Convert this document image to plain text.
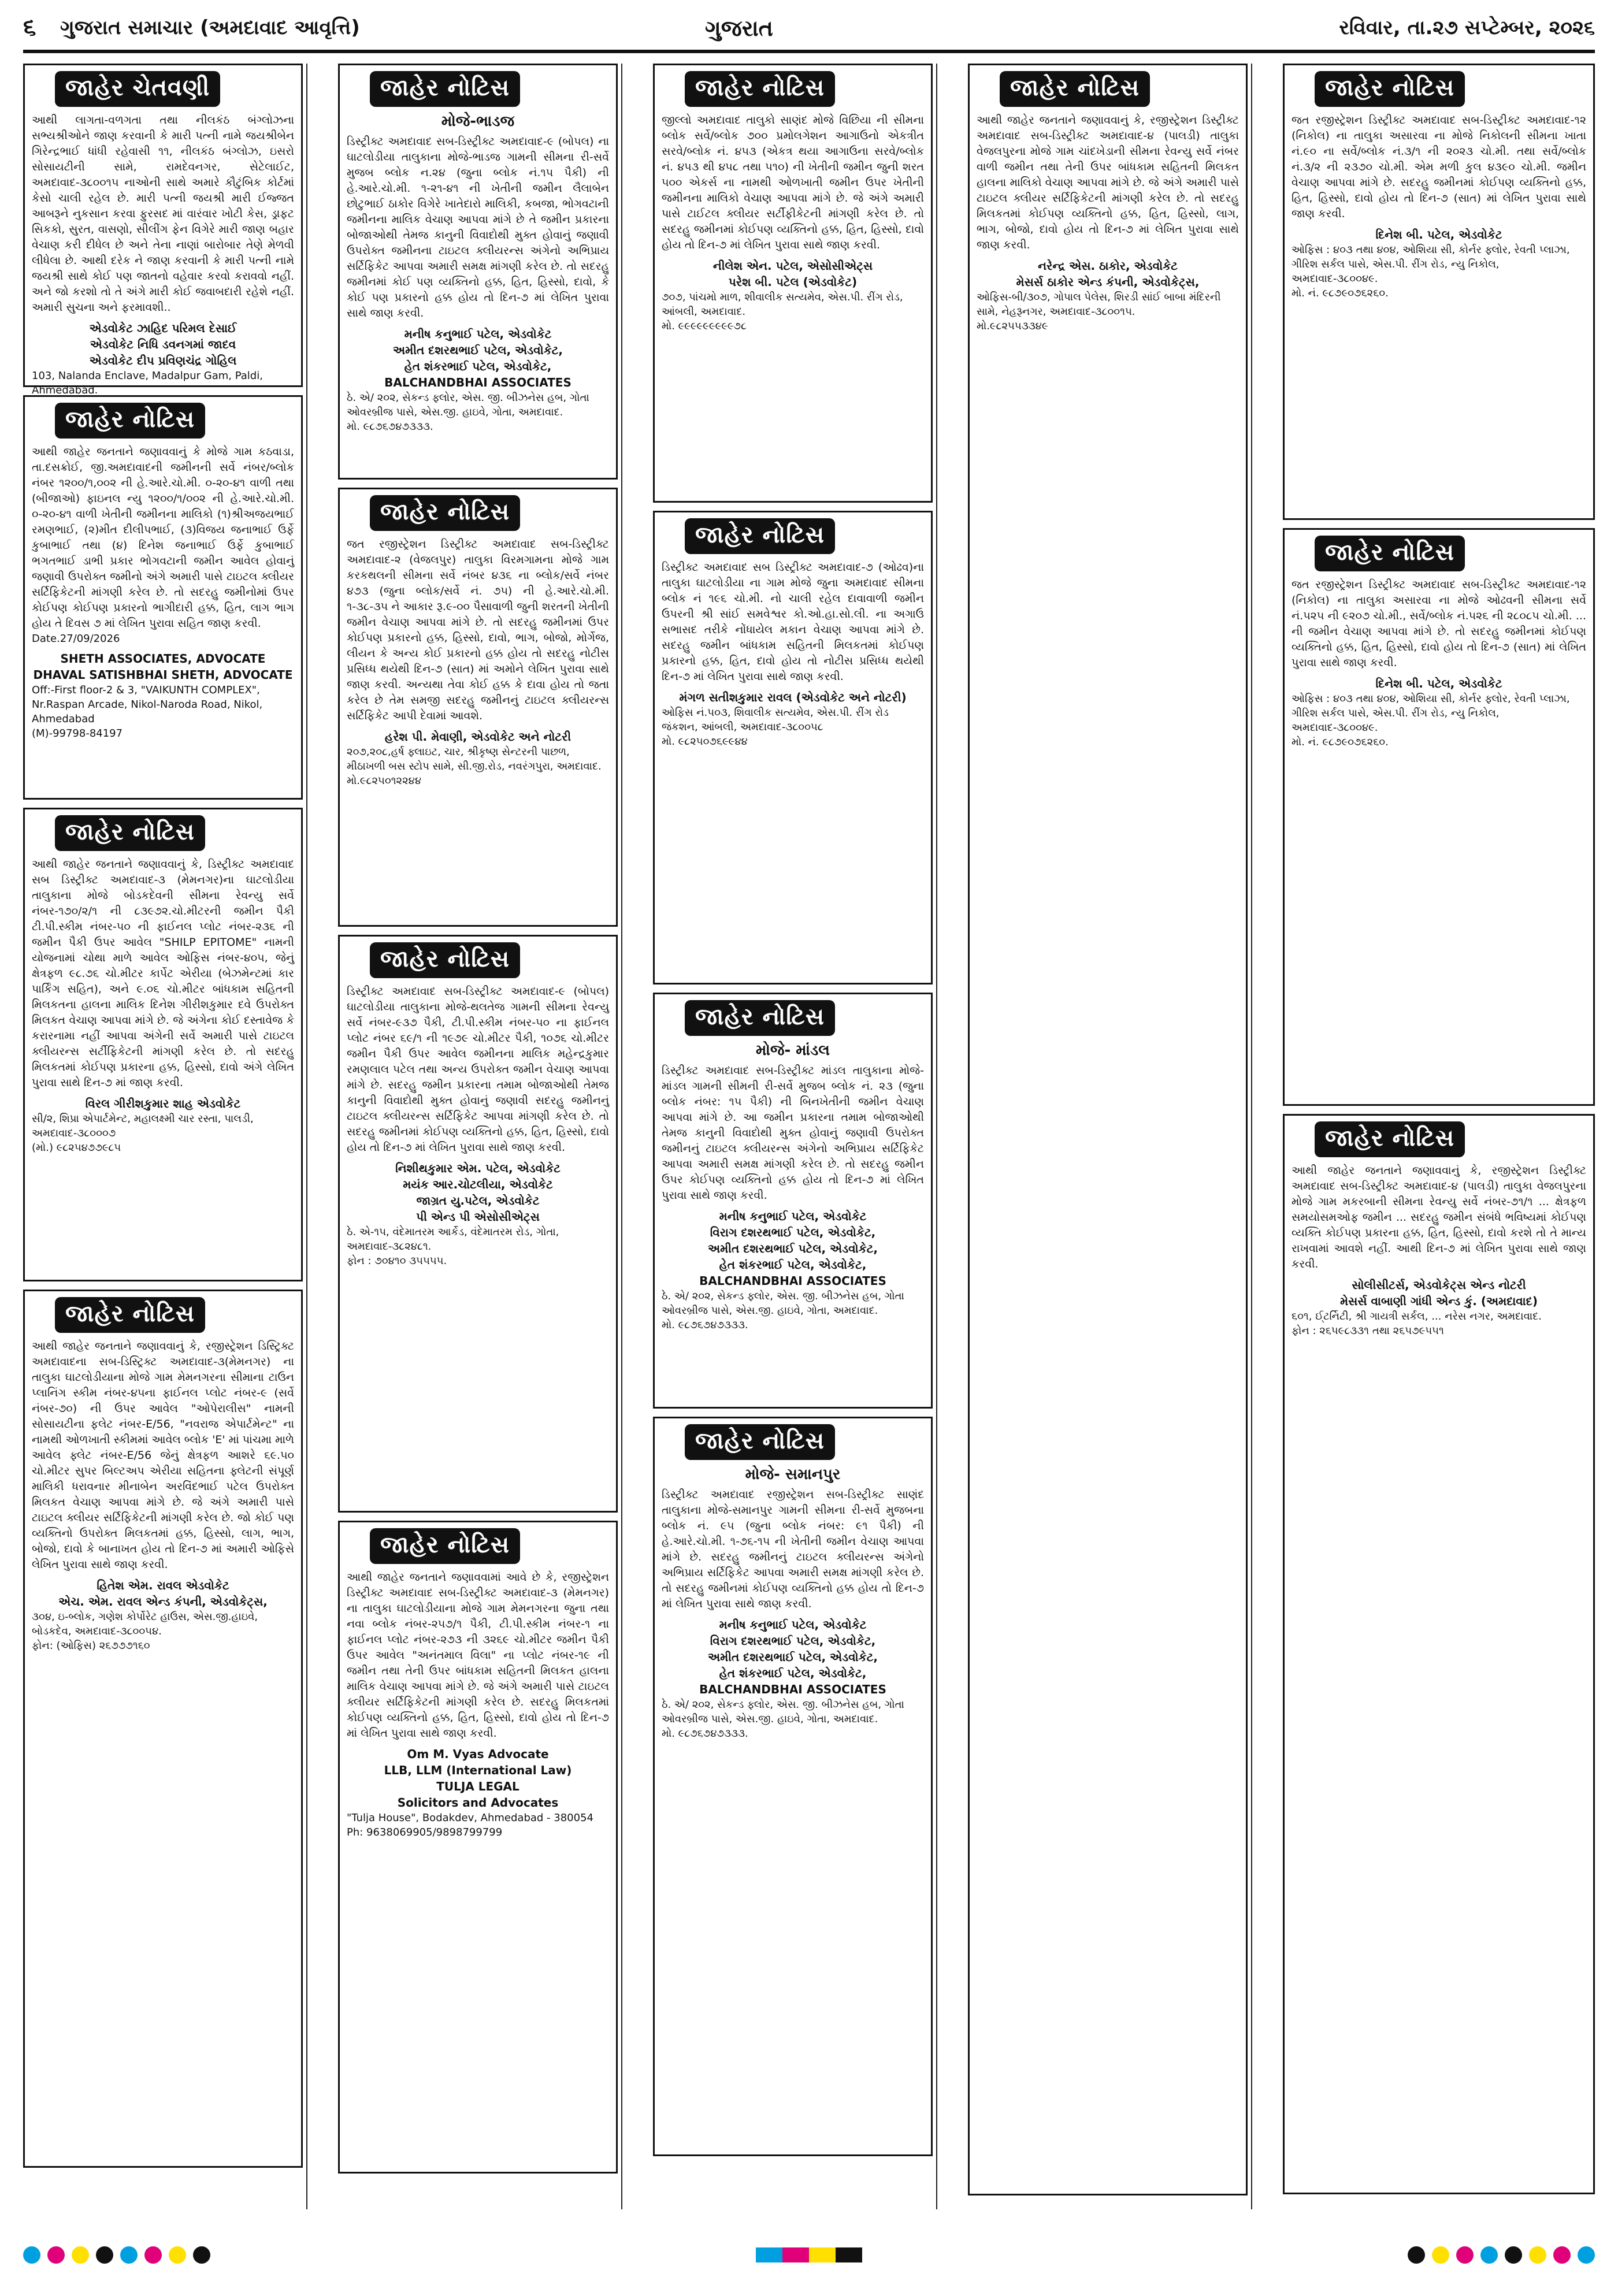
૬ ગુજરાત સમાચાર (અમદાવાદ આવૃત્તિ)	ગુજરાત	રવિવાર, તા.૨૭ સપ્ટેમ્બર, ૨૦૨૬
જાહેર ચેતવણી
આથી લાગતા-વળગતા તથા નીલકંઠ બંગ્લોઝના સભ્યશ્રીઓને જાણ કરવાની કે મારી પત્ની નામે જયશ્રીબેન ગિરેન્દ્રભાઈ ધાંધી રહેવાસી ૧૧, નીલકંઠ બંગ્લોઝ, ઇસરો સોસાયટીની સામે, રામદેવનગર, સેટેલાઈટ, અમદાવાદ-૩૮૦૦૧૫ નાઓની સાથે અમારે કૌટુંબિક કોર્ટમાં કેસો ચાલી રહેલ છે. મારી પત્ની જયશ્રી મારી ઈજ્જત આબરૂને નુકસાન કરવા ફુરસદ માં વારંવાર ખોટી કેસ, ડ્રાફટ સિકકો, સુરત, વાસણો, સીલીંગ ફેન વિગેરે મારી જાણ બહાર વેચાણ કરી દીધેલ છે અને તેના નાણાં બારોબાર તેણે મેળવી લીધેલા છે. આથી દરેક ને જાણ કરવાની કે મારી પત્ની નામે જયશ્રી સાથે કોઈ પણ જાતનો વહેવાર કરવો કરાવવો નહીં. અને જો કરશો તો તે અંગે મારી કોઈ જવાબદારી રહેશે નહીં. અમારી સુચના અને ફરમાવશી..
એડવોકેટ ઝાહિદ પરિમલ દેસાઈ
એડવોકેટ નિધિ ડવનગમાં જાદવ
એડવોકેટ દીપ પ્રવિણચંદ્ર ગોહિલ
103, Nalanda Enclave, Madalpur Gam, Paldi, Ahmedabad.
જાહેર નોટિસ
આથી જાહેર જનતાને જણાવવાનું કે મોજે ગામ કઠવાડા, તા.દસક્રોઈ, જી.અમદાવાદની જમીનની સર્વે નંબર/બ્લોક નંબર ૧૨૦૦/૧,૦૦૨ ની હે.આરે.ચો.મી. ૦-૨૦-૪૧ વાળી તથા (બીજાઓ) ફાઇનલ ન્યુ ૧૨૦૦/૧/૦૦૨ ની હે.આરે.ચો.મી. ૦-૨૦-૪૧ વાળી ખેતીની જમીનના માલિકો (૧)શ્રીઅજયભાઈ રમણભાઈ, (૨)મીત દીલીપભાઈ, (૩)વિજય જનાભાઈ ઉર્ફે કુબાભાઈ તથા (૪) દિનેશ જનાભાઈ ઉર્ફે કુબાભાઈ ભગતભાઈ ડાભી પ્રકાર ભોગવટાની જમીન આવેલ હોવાનું જણાવી ઉપરોક્ત જમીનો અંગે અમારી પાસે ટાઇટલ ક્લીયર સર્ટિફિકેટની માંગણી કરેલ છે. તો સદરહુ જમીનોમાં ઉપર કોઈપણ કોઈપણ પ્રકારનો ભાગીદારી હક્ક, હિત, લાગ ભાગ હોય તે દિવસ ૭ માં લેખિત પુરાવા સહિત જાણ કરવી.
Date.27/09/2026
SHETH ASSOCIATES, ADVOCATE
DHAVAL SATISHBHAI SHETH, ADVOCATE
Off:-First floor-2 & 3, "VAIKUNTH COMPLEX", Nr.Raspan Arcade, Nikol-Naroda Road, Nikol, Ahmedabad
(M)-99798-84197
જાહેર નોટિસ
આથી જાહેર જનતાને જણાવવાનું કે, ડિસ્ટ્રીક્ટ અમદાવાદ સબ ડિસ્ટ્રીક્ટ અમદાવાદ-૩ (મેમનગર)ના ઘાટલોડીયા તાલુકાના મોજે બોડકદેવની સીમના રેવન્યુ સર્વે નંબર-૧૭૦/૨/૧ ની ૮૩૯૭૨.ચો.મીટરની જમીન પૈકી ટી.પી.સ્કીમ નંબર-૫૦ ની ફાઈનલ પ્લોટ નંબર-૨૩૬ ની જમીન પૈકી ઉપર આવેલ "SHILP EPITOME" નામની યોજનામાં ચોથા માળે આવેલ ઓફિસ નંબર-૪૦૫, જેનું ક્ષેત્રફળ ૯૮.૭૬ ચો.મીટર કાર્પેટ એરીયા (બેઝમેન્ટમાં કાર પાર્કિંગ સહિત), અને ૯.૦૬ ચો.મીટર બાંધકામ સહિતની મિલકતના હાલના માલિક દિનેશ ગીરીશકુમાર દવે ઉપરોક્ત મિલકત વેચાણ આપવા માંગે છે. જે અંગેના કોઈ દસ્તાવેજ કે કરારનામા નહીં આપવા અંગેની સર્વે અમારી પાસે ટાઇટલ ક્લીયરન્સ સર્ટીફિકેટની માંગણી કરેલ છે. તો સદરહુ મિલકતમાં કોઈપણ પ્રકારના હક્ક, હિસ્સો, દાવો અંગે લેખિત પુરાવા સાથે દિન-૭ માં જાણ કરવી.
વિરલ ગીરીશકુમાર શાહ એડવોકેટ
સી/૨, શિપ્રા એપાર્ટમેન્ટ, મહાલક્ષ્મી ચાર રસ્તા, પાલડી, અમદાવાદ-૩૮૦૦૦૭
(મો.) ૯૮૨૫૪૭૭૯૮૫
જાહેર નોટિસ
આથી જાહેર જનતાને જણાવવાનું કે, રજીસ્ટ્રેશન ડિસ્ટ્રિક્ટ અમદાવાદના સબ-ડિસ્ટ્રિક્ટ અમદાવાદ-૩(મેમનગર) ના તાલુકા ઘાટલોડીયાના મોજે ગામ મેમનગરના સીમાના ટાઉન પ્લાનિંગ સ્કીમ નંબર-૪૫ના ફાઈનલ પ્લોટ નંબર-૯ (સર્વે નંબર-૭૦) ની ઉપર આવેલ "ઓપેરાલીસ" નામની સોસાયટીના ફલેટ નંબર-E/56, "નવરાજ એપાર્ટમેન્ટ" ના નામથી ઓળખાતી સ્કીમમાં આવેલ બ્લોક 'E' માં પાંચમા માળે આવેલ ફ્લેટ નંબર-E/56 જેનું ક્ષેત્રફળ આશરે ૬૯.૫૦ ચો.મીટર સુપર બિલ્ટઅપ એરીયા સહિતના ફ્લેટની સંપૂર્ણ માલિકી ધરાવનાર મીનાબેન અરવિંદભાઈ પટેલ ઉપરોક્ત મિલકત વેચાણ આપવા માંગે છે. જે અંગે અમારી પાસે ટાઇટલ ક્લીયર સર્ટિફિકેટની માંગણી કરેલ છે. જો કોઈ પણ વ્યક્તિનો ઉપરોક્ત મિલકતમાં હક્ક, હિસ્સો, લાગ, ભાગ, બોજો, દાવો કે બાનાખત હોય તો દિન-૭ માં અમારી ઓફિસે લેખિત પુરાવા સાથે જાણ કરવી.
હિતેશ એમ. રાવલ એડવોકેટ
એચ. એમ. રાવલ એન્ડ કંપની, એડવોકેટ્સ,
૩૦૪, ઇ-બ્લોક, ગણેશ કોર્પોરેટ હાઉસ, એસ.જી.હાઇવે, બોડકદેવ, અમદાવાદ-૩૮૦૦૫૪.
ફોન: (ઓફિસ) ૨૬૭૭૭૧૬૦
જાહેર નોટિસ
મોજે-ભાડજ
ડિસ્ટ્રીક્ટ અમદાવાદ સબ-ડિસ્ટ્રીક્ટ અમદાવાદ-૯ (બોપલ) ના ઘાટલોડીયા તાલુકાના મોજે-ભાડજ ગામની સીમના રી-સર્વે મુજબ બ્લોક ન.૨૪ (જુના બ્લોક નં.૧૫ પૈકી) ની હે.આરે.ચો.મી. ૧-૨૧-૪૧ ની ખેતીની જમીન લૈલાબેન છોટુભાઈ ઠાકોર વિગેરે ખાતેદારો માલિકી, કબજા, ભોગવટાની જમીનના માલિક વેચાણ આપવા માંગે છે તે જમીન પ્રકારના બોજાઓથી તેમજ કાનુની વિવાદોથી મુક્ત હોવાનું જણાવી ઉપરોક્ત જમીનના ટાઇટલ ક્લીયરન્સ અંગેનો અભિપ્રાય સર્ટિફિકેટ આપવા અમારી સમક્ષ માંગણી કરેલ છે. તો સદરહુ જમીનમાં કોઈ પણ વ્યક્તિનો હક્ક, હિત, હિસ્સો, દાવો, કે કોઈ પણ પ્રકારનો હક્ક હોય તો દિન-૭ માં લેખિત પુરાવા સાથે જાણ કરવી.
મનીષ કનુભાઈ પટેલ, એડવોકેટ
અમીત દશરથભાઈ પટેલ, એડવોકેટ,
હેત શંકરભાઈ પટેલ, એડવોકેટ,
BALCHANDBHAI ASSOCIATES
ઠે. એ/ ૨૦૨, સેકન્ડ ફ્લોર, એસ. જી. બીઝનેસ હબ, ગોતા ઓવરબ્રીજ પાસે, એસ.જી. હાઇવે, ગોતા, અમદાવાદ.
મો. ૯૮૭૬૭૪૭૩૩૩.
જાહેર નોટિસ
જત રજીસ્ટ્રેશન ડિસ્ટ્રીક્ટ અમદાવાદ સબ-ડિસ્ટ્રીક્ટ અમદાવાદ-૨ (વેજલપુર) તાલુકા વિરમગામના મોજે ગામ કરકથલની સીમના સર્વે નંબર ૪૩૬ ના બ્લોક/સર્વે નંબર ૪૭૩ (જુના બ્લોક/સર્વે નં. ૭૫) ની હે.આરે.ચો.મી. ૧-૩૮-૩૫ ને આકાર રૂ.૯-૦૦ પૈસાવાળી જુની શરતની ખેતીની જમીન વેચાણ આપવા માંગે છે. તો સદરહુ જમીનમાં ઉપર કોઈપણ પ્રકારનો હક્ક, હિસ્સો, દાવો, ભાગ, બોજો, મોર્ગેજ, લીયન કે અન્ય કોઈ પ્રકારનો હક્ક હોય તો સદરહુ નોટીસ પ્રસિધ્ધ થયેથી દિન-૭ (સાત) માં અમોને લેખિત પુરાવા સાથે જાણ કરવી. અન્યથા તેવા કોઈ હક્ક કે દાવા હોય તો જતા કરેલ છે તેમ સમજી સદરહુ જમીનનું ટાઇટલ ક્લીયરન્સ સર્ટિફિકેટ આપી દેવામાં આવશે.
હરેશ પી. મેવાણી, એડવોકેટ અને નોટરી
૨૦૭,૨૦૮,હર્ષ ફ્લાઇટ, ચાર, શ્રીકૃષ્ણ સેન્ટરની પાછળ, મીઠાખળી બસ સ્ટોપ સામે, સી.જી.રોડ, નવરંગપુરા, અમદાવાદ.
મો.૯૮૨૫૦૧૨૨૪૪
જાહેર નોટિસ
ડિસ્ટ્રીક્ટ અમદાવાદ સબ-ડિસ્ટ્રીક્ટ અમદાવાદ-૯ (બોપલ) ઘાટલોડીયા તાલુકાના મોજે-થલતેજ ગામની સીમના રેવન્યુ સર્વે નંબર-૯૩૭ પૈકી, ટી.પી.સ્કીમ નંબર-૫૦ ના ફાઈનલ પ્લોટ નંબર ૬૯/૧ ની ૧૯૭૯ ચો.મીટર પૈકી, ૧૦૭૬ ચો.મીટર જમીન પૈકી ઉપર આવેલ જમીનના માલિક મહેન્દ્રકુમાર રમણલાલ પટેલ તથા અન્ય ઉપરોક્ત જમીન વેચાણ આપવા માંગે છે. સદરહુ જમીન પ્રકારના તમામ બોજાઓથી તેમજ કાનુની વિવાદોથી મુક્ત હોવાનું જણાવી સદરહુ જમીનનું ટાઇટલ ક્લીયરન્સ સર્ટિફિકેટ આપવા માંગણી કરેલ છે. તો સદરહુ જમીનમાં કોઈપણ વ્યક્તિનો હક્ક, હિત, હિસ્સો, દાવો હોય તો દિન-૭ માં લેખિત પુરાવા સાથે જાણ કરવી.
નિશીથકુમાર એમ. પટેલ, એડવોકેટ
મયંક આર.ચોટલીયા, એડવોકેટ
જાગ્રત યુ.પટેલ, એડવોકેટ
પી એન્ડ પી એસોસીએટ્સ
ઠે. એ-૧૫, વંદેમાતરમ આર્કેડ, વંદેમાતરમ રોડ, ગોતા, અમદાવાદ-૩૮૨૪૮૧.
ફોન : ૭૦૪૧૦ ૩૫૫૫૫.
જાહેર નોટિસ
આથી જાહેર જનતાને જણાવવામાં આવે છે કે, રજીસ્ટ્રેશન ડિસ્ટ્રીક્ટ અમદાવાદ સબ-ડિસ્ટ્રીક્ટ અમદાવાદ-૩ (મેમનગર) ના તાલુકા ઘાટલોડીયાના મોજે ગામ મેમનગરના જુના તથા નવા બ્લોક નંબર-૨૫૭/૧ પૈકી, ટી.પી.સ્કીમ નંબર-૧ ના ફાઈનલ પ્લોટ નંબર-૨૭૩ ની ૩૨૬૯ ચો.મીટર જમીન પૈકી ઉપર આવેલ "અનંતમાલ વિલા" ના પ્લોટ નંબર-૧૯ ની જમીન તથા તેની ઉપર બાંધકામ સહિતની મિલકત હાલના માલિક વેચાણ આપવા માંગે છે. જે અંગે અમારી પાસે ટાઇટલ ક્લીયર સર્ટિફિકેટની માંગણી કરેલ છે. સદરહુ મિલકતમાં કોઈપણ વ્યક્તિનો હક્ક, હિત, હિસ્સો, દાવો હોય તો દિન-૭ માં લેખિત પુરાવા સાથે જાણ કરવી.
Om M. Vyas Advocate
LLB, LLM (International Law)
TULJA LEGAL
Solicitors and Advocates
"Tulja House", Bodakdev, Ahmedabad - 380054
Ph: 9638069905/9898799799
જાહેર નોટિસ
જીલ્લો અમદાવાદ તાલુકો સાણંદ મોજે વિછિયા ની સીમના બ્લોક સર્વે/બ્લોક ૭૦૦ પ્રમોલગેશન આગાઉનો એકત્રીત સરવે/બ્લોક નં. ૪૫૩ (એકત્ર થયા આગાઉના સરવે/બ્લોક નં. ૪૫૩ થી ૪૫૮ તથા ૫૧૦) ની ખેતીની જમીન જુની શરત ૫૦૦ એકર્સ ના નામથી ઓળખાતી જમીન ઉપર ખેતીની જમીનના માલિકો વેચાણ આપવા માંગે છે. જે અંગે અમારી પાસે ટાઈટલ ક્લીયર સર્ટીફીકેટની માંગણી કરેલ છે. તો સદરહુ જમીનમાં કોઈપણ વ્યક્તિનો હક્ક, હિત, હિસ્સો, દાવો હોય તો દિન-૭ માં લેખિત પુરાવા સાથે જાણ કરવી.
નીલેશ એન. પટેલ, એસોસીએટ્સ
પરેશ બી. પટેલ (એડવોકેટ)
૭૦૭, પાંચમો માળ, શીવાલીક સત્યમેવ, એસ.પી. રીંગ રોડ, આંબલી, અમદાવાદ.
મો. ૯૯૯૯૯૯૯૯૯૭૮
જાહેર નોટિસ
ડિસ્ટ્રીક્ટ અમદાવાદ સબ ડિસ્ટ્રીક્ટ અમદાવાદ-૭ (ઓઢવ)ના તાલુકા ઘાટલોડીયા ના ગામ મોજે જુના અમદાવાદ સીમના બ્લોક નં ૧૯૬ ચો.મી. નો ચાલી રહેલ દાવાવાળી જમીન ઉપરની શ્રી સાંઈ સમવેશ્વર કો.ઓ.હા.સો.લી. ના અગાઉ સભાસદ તરીકે નોંધાયેલ મકાન વેચાણ આપવા માંગે છે. સદરહુ જમીન બાંધકામ સહિતની મિલકતમાં કોઈપણ પ્રકારનો હક્ક, હિત, દાવો હોય તો નોટીસ પ્રસિધ્ધ થયેથી દિન-૭ માં લેખિત પુરાવા સાથે જાણ કરવી.
મંગળ સતીશકુમાર રાવલ (એડવોકેટ અને નોટરી)
ઓફિસ નં.૫૦૩, શિવાલીક સત્યમેવ, એસ.પી. રીંગ રોડ જંકશન, આંબલી, અમદાવાદ-૩૮૦૦૫૮
મો. ૯૮૨૫૦૭૬૯૯૪૪
જાહેર નોટિસ
મોજે- માંડલ
ડિસ્ટ્રીક્ટ અમદાવાદ સબ-ડિસ્ટ્રીક્ટ માંડલ તાલુકાના મોજે- માંડલ ગામની સીમની રી-સર્વે મુજબ બ્લોક નં. ૨૩ (જુના બ્લોક નંબર: ૧૫ પૈકી) ની બિનખેતીની જમીન વેચાણ આપવા માંગે છે. આ જમીન પ્રકારના તમામ બોજાઓથી તેમજ કાનુની વિવાદોથી મુક્ત હોવાનું જણાવી ઉપરોક્ત જમીનનું ટાઇટલ ક્લીયરન્સ અંગેનો અભિપ્રાય સર્ટિફિકેટ આપવા અમારી સમક્ષ માંગણી કરેલ છે. તો સદરહુ જમીન ઉપર કોઈપણ વ્યક્તિનો હક્ક હોય તો દિન-૭ માં લેખિત પુરાવા સાથે જાણ કરવી.
મનીષ કનુભાઈ પટેલ, એડવોકેટ
વિરાગ દશરથભાઈ પટેલ, એડવોકેટ,
અમીત દશરથભાઈ પટેલ, એડવોકેટ,
હેત શંકરભાઈ પટેલ, એડવોકેટ,
BALCHANDBHAI ASSOCIATES
ઠે. એ/ ૨૦૨, સેકન્ડ ફ્લોર, એસ. જી. બીઝનેસ હબ, ગોતા ઓવરબ્રીજ પાસે, એસ.જી. હાઇવે, ગોતા, અમદાવાદ.
મો. ૯૮૭૬૭૪૭૩૩૩.
જાહેર નોટિસ
મોજે- સમાનપુર
ડિસ્ટ્રીક્ટ અમદાવાદ રજીસ્ટ્રેશન સબ-ડિસ્ટ્રીક્ટ સાણંદ તાલુકાના મોજે-સમાનપુર ગામની સીમના રી-સર્વે મુજબના બ્લોક નં. ૯૫ (જુના બ્લોક નંબર: ૯૧ પૈકી) ની હે.આરે.ચો.મી. ૧-૭૬-૧૫ ની ખેતીની જમીન વેચાણ આપવા માંગે છે. સદરહુ જમીનનું ટાઇટલ ક્લીયરન્સ અંગેનો અભિપ્રાય સર્ટિફિકેટ આપવા અમારી સમક્ષ માંગણી કરેલ છે. તો સદરહુ જમીનમાં કોઈપણ વ્યક્તિનો હક્ક હોય તો દિન-૭ માં લેખિત પુરાવા સાથે જાણ કરવી.
મનીષ કનુભાઈ પટેલ, એડવોકેટ
વિરાગ દશરથભાઈ પટેલ, એડવોકેટ,
અમીત દશરથભાઈ પટેલ, એડવોકેટ,
હેત શંકરભાઈ પટેલ, એડવોકેટ,
BALCHANDBHAI ASSOCIATES
ઠે. એ/ ૨૦૨, સેકન્ડ ફ્લોર, એસ. જી. બીઝનેસ હબ, ગોતા ઓવરબ્રીજ પાસે, એસ.જી. હાઇવે, ગોતા, અમદાવાદ.
મો. ૯૮૭૬૭૪૭૩૩૩.
જાહેર નોટિસ
આથી જાહેર જનતાને જણાવવાનું કે, રજીસ્ટ્રેશન ડિસ્ટ્રીક્ટ અમદાવાદ સબ-ડિસ્ટ્રીક્ટ અમદાવાદ-૪ (પાલડી) તાલુકા વેજલપુરના મોજે ગામ ચાંદખેડાની સીમના રેવન્યુ સર્વે નંબર વાળી જમીન તથા તેની ઉપર બાંધકામ સહિતની મિલકત હાલના માલિકો વેચાણ આપવા માંગે છે. જે અંગે અમારી પાસે ટાઇટલ ક્લીયર સર્ટિફિકેટની માંગણી કરેલ છે. તો સદરહુ મિલકતમાં કોઈપણ વ્યક્તિનો હક્ક, હિત, હિસ્સો, લાગ, ભાગ, બોજો, દાવો હોય તો દિન-૭ માં લેખિત પુરાવા સાથે જાણ કરવી.
નરેન્દ્ર એસ. ઠાકોર, એડવોકેટ
મેસર્સ ઠાકોર એન્ડ કંપની, એડવોકેટ્સ,
ઓફિસ-બી/૩૦૭, ગોપાલ પેલેસ, શિરડી સાંઈ બાબા મંદિરની સામે, નેહરૂનગર, અમદાવાદ-૩૮૦૦૧૫.
મો.૯૮૨૫૫૩૩૪૯
જાહેર નોટિસ
જત રજીસ્ટ્રેશન ડિસ્ટ્રીક્ટ અમદાવાદ સબ-ડિસ્ટ્રીક્ટ અમદાવાદ-૧૨ (નિકોલ) ના તાલુકા અસારવા ના મોજે નિકોલની સીમના ખાતા નં.૯૦ ના સર્વે/બ્લોક નં.૩/૧ ની ૨૦૨૩ ચો.મી. તથા સર્વે/બ્લોક નં.૩/૨ ની ૨૩૭૦ ચો.મી. એમ મળી કુલ ૪૩૯૦ ચો.મી. જમીન વેચાણ આપવા માંગે છે. સદરહુ જમીનમાં કોઈપણ વ્યક્તિનો હક્ક, હિત, હિસ્સો, દાવો હોય તો દિન-૭ (સાત) માં લેખિત પુરાવા સાથે જાણ કરવી.
દિનેશ બી. પટેલ, એડવોકેટ
ઓફિસ : ૪૦૩ તથા ૪૦૪, ઓશિયા સી, કોર્નર ફ્લોર, રેવતી પ્લાઝા, ગીરિશ સર્કલ પાસે, એસ.પી. રીંગ રોડ, ન્યુ નિકોલ, અમદાવાદ-૩૮૦૦૪૯.
મો. નં. ૯૮૭૯૦૭૬૨૬૦.
જાહેર નોટિસ
જત રજીસ્ટ્રેશન ડિસ્ટ્રીક્ટ અમદાવાદ સબ-ડિસ્ટ્રીક્ટ અમદાવાદ-૧૨ (નિકોલ) ના તાલુકા અસારવા ના મોજે ઓઢવની સીમના સર્વે નં.૫૨૫ ની ૯૨૦૭ ચો.મી., સર્વે/બ્લોક નં.૫૨૬ ની ૨૮૦૮૫ ચો.મી. ... ની જમીન વેચાણ આપવા માંગે છે. તો સદરહુ જમીનમાં કોઈપણ વ્યક્તિનો હક્ક, હિત, હિસ્સો, દાવો હોય તો દિન-૭ (સાત) માં લેખિત પુરાવા સાથે જાણ કરવી.
દિનેશ બી. પટેલ, એડવોકેટ
ઓફિસ : ૪૦૩ તથા ૪૦૪, ઓશિયા સી, કોર્નર ફ્લોર, રેવતી પ્લાઝા, ગીરિશ સર્કલ પાસે, એસ.પી. રીંગ રોડ, ન્યુ નિકોલ, અમદાવાદ-૩૮૦૦૪૯.
મો. નં. ૯૮૭૯૦૭૬૨૬૦.
જાહેર નોટિસ
આથી જાહેર જનતાને જણાવવાનું કે, રજીસ્ટ્રેશન ડિસ્ટ્રીક્ટ અમદાવાદ સબ-ડિસ્ટ્રીક્ટ અમદાવાદ-૪ (પાલડી) તાલુકા વેજલપુરના મોજે ગામ મકરબાની સીમના રેવન્યુ સર્વે નંબર-૭૧/૧ ... ક્ષેત્રફળ સમયોસમઓફ જમીન ... સદરહુ જમીન સંબંધે ભવિષ્યમાં કોઈપણ વ્યક્તિ કોઈપણ પ્રકારના હક્ક, હિત, હિસ્સો, દાવો કરશે તો તે માન્ય રાખવામાં આવશે નહીં. આથી દિન-૭ માં લેખિત પુરાવા સાથે જાણ કરવી.
સોલીસીટર્સ, એડવોકેટ્સ એન્ડ નોટરી
મેસર્સ વાબાણી ગાંધી એન્ડ કું. (અમદાવાદ)
૬૦૧, ઈ્ટર્નિટી, શ્રી ગાયત્રી સર્કલ, ... નરેસ નગર, અમદાવાદ.
ફોન : ૨૬૫૯૮૩૩૧ તથા ૨૬૫૭૯૫૫૧
